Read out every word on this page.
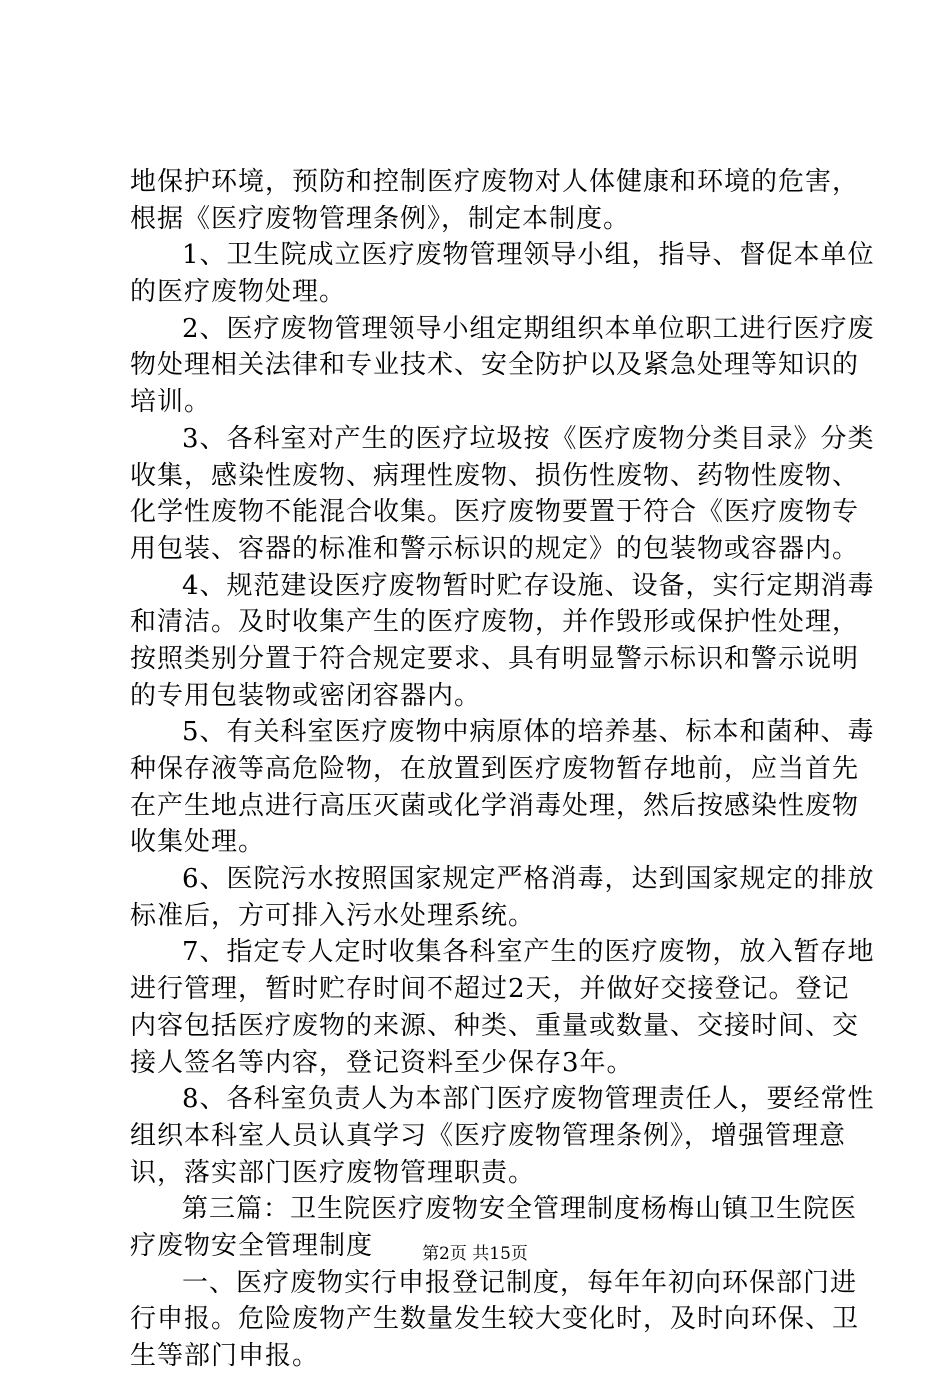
地保护环境，预防和控制医疗废物对人体健康和环境的危害，
根据《医疗废物管理条例》，制定本制度。
1、卫生院成立医疗废物管理领导小组，指导、督促本单位
的医疗废物处理。
2、医疗废物管理领导小组定期组织本单位职工进行医疗废
物处理相关法律和专业技术、安全防护以及紧急处理等知识的
培训。
3、各科室对产生的医疗垃圾按《医疗废物分类目录》分类
收集，感染性废物、病理性废物、损伤性废物、药物性废物、
化学性废物不能混合收集。医疗废物要置于符合《医疗废物专
用包装、容器的标准和警示标识的规定》的包装物或容器内。
4、规范建设医疗废物暂时贮存设施、设备，实行定期消毒
和清洁。及时收集产生的医疗废物，并作毁形或保护性处理，
按照类别分置于符合规定要求、具有明显警示标识和警示说明
的专用包装物或密闭容器内。
5、有关科室医疗废物中病原体的培养基、标本和菌种、毒
种保存液等高危险物，在放置到医疗废物暂存地前，应当首先
在产生地点进行高压灭菌或化学消毒处理，然后按感染性废物
收集处理。
6、医院污水按照国家规定严格消毒，达到国家规定的排放
标准后，方可排入污水处理系统。
7、指定专人定时收集各科室产生的医疗废物，放入暂存地
进行管理，暂时贮存时间不超过2天，并做好交接登记。登记
内容包括医疗废物的来源、种类、重量或数量、交接时间、交
接人签名等内容，登记资料至少保存3年。
8、各科室负责人为本部门医疗废物管理责任人，要经常性
组织本科室人员认真学习《医疗废物管理条例》，增强管理意
识，落实部门医疗废物管理职责。
第三篇：卫生院医疗废物安全管理制度杨梅山镇卫生院医
疗废物安全管理制度
一、医疗废物实行申报登记制度，每年年初向环保部门进
行申报。危险废物产生数量发生较大变化时，及时向环保、卫
生等部门申报。
第2页 共15页
